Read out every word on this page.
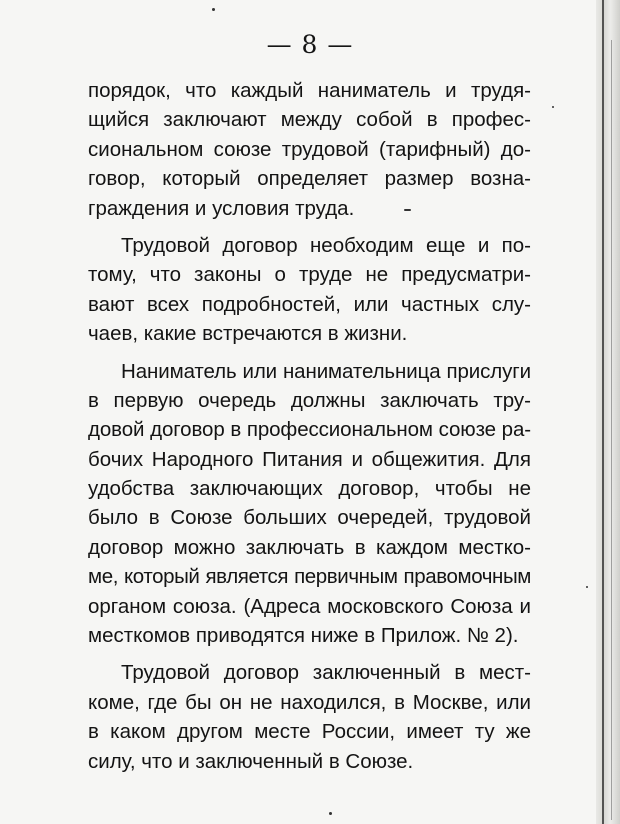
— 8 —

порядок, что каждый наниматель и трудя-
щийся заключают между собой в профес-
сиональном союзе трудовой (тарифный) до-
говор, который определяет размер возна-
граждения и условия труда.

Трудовой договор необходим еще и по-
тому, что законы о труде не предусматри-
вают всех подробностей, или частных слу-
чаев, какие встречаются в жизни.

Наниматель или нанимательница прислуги
в первую очередь должны заключать тру-
довой договор в профессиональном союзе ра-
бочих Народного Питания и общежития. Для
удобства заключающих договор, чтобы не
было в Союзе больших очередей, трудовой
договор можно заключать в каждом местко-
ме, который является первичным правомочным
органом союза. (Адреса московского Союза и
месткомов приводятся ниже в Прилож. № 2).

Трудовой договор заключенный в мест-
коме, где бы он не находился, в Москве, или
в каком другом месте России, имеет ту же
силу, что и заключенный в Союзе.
